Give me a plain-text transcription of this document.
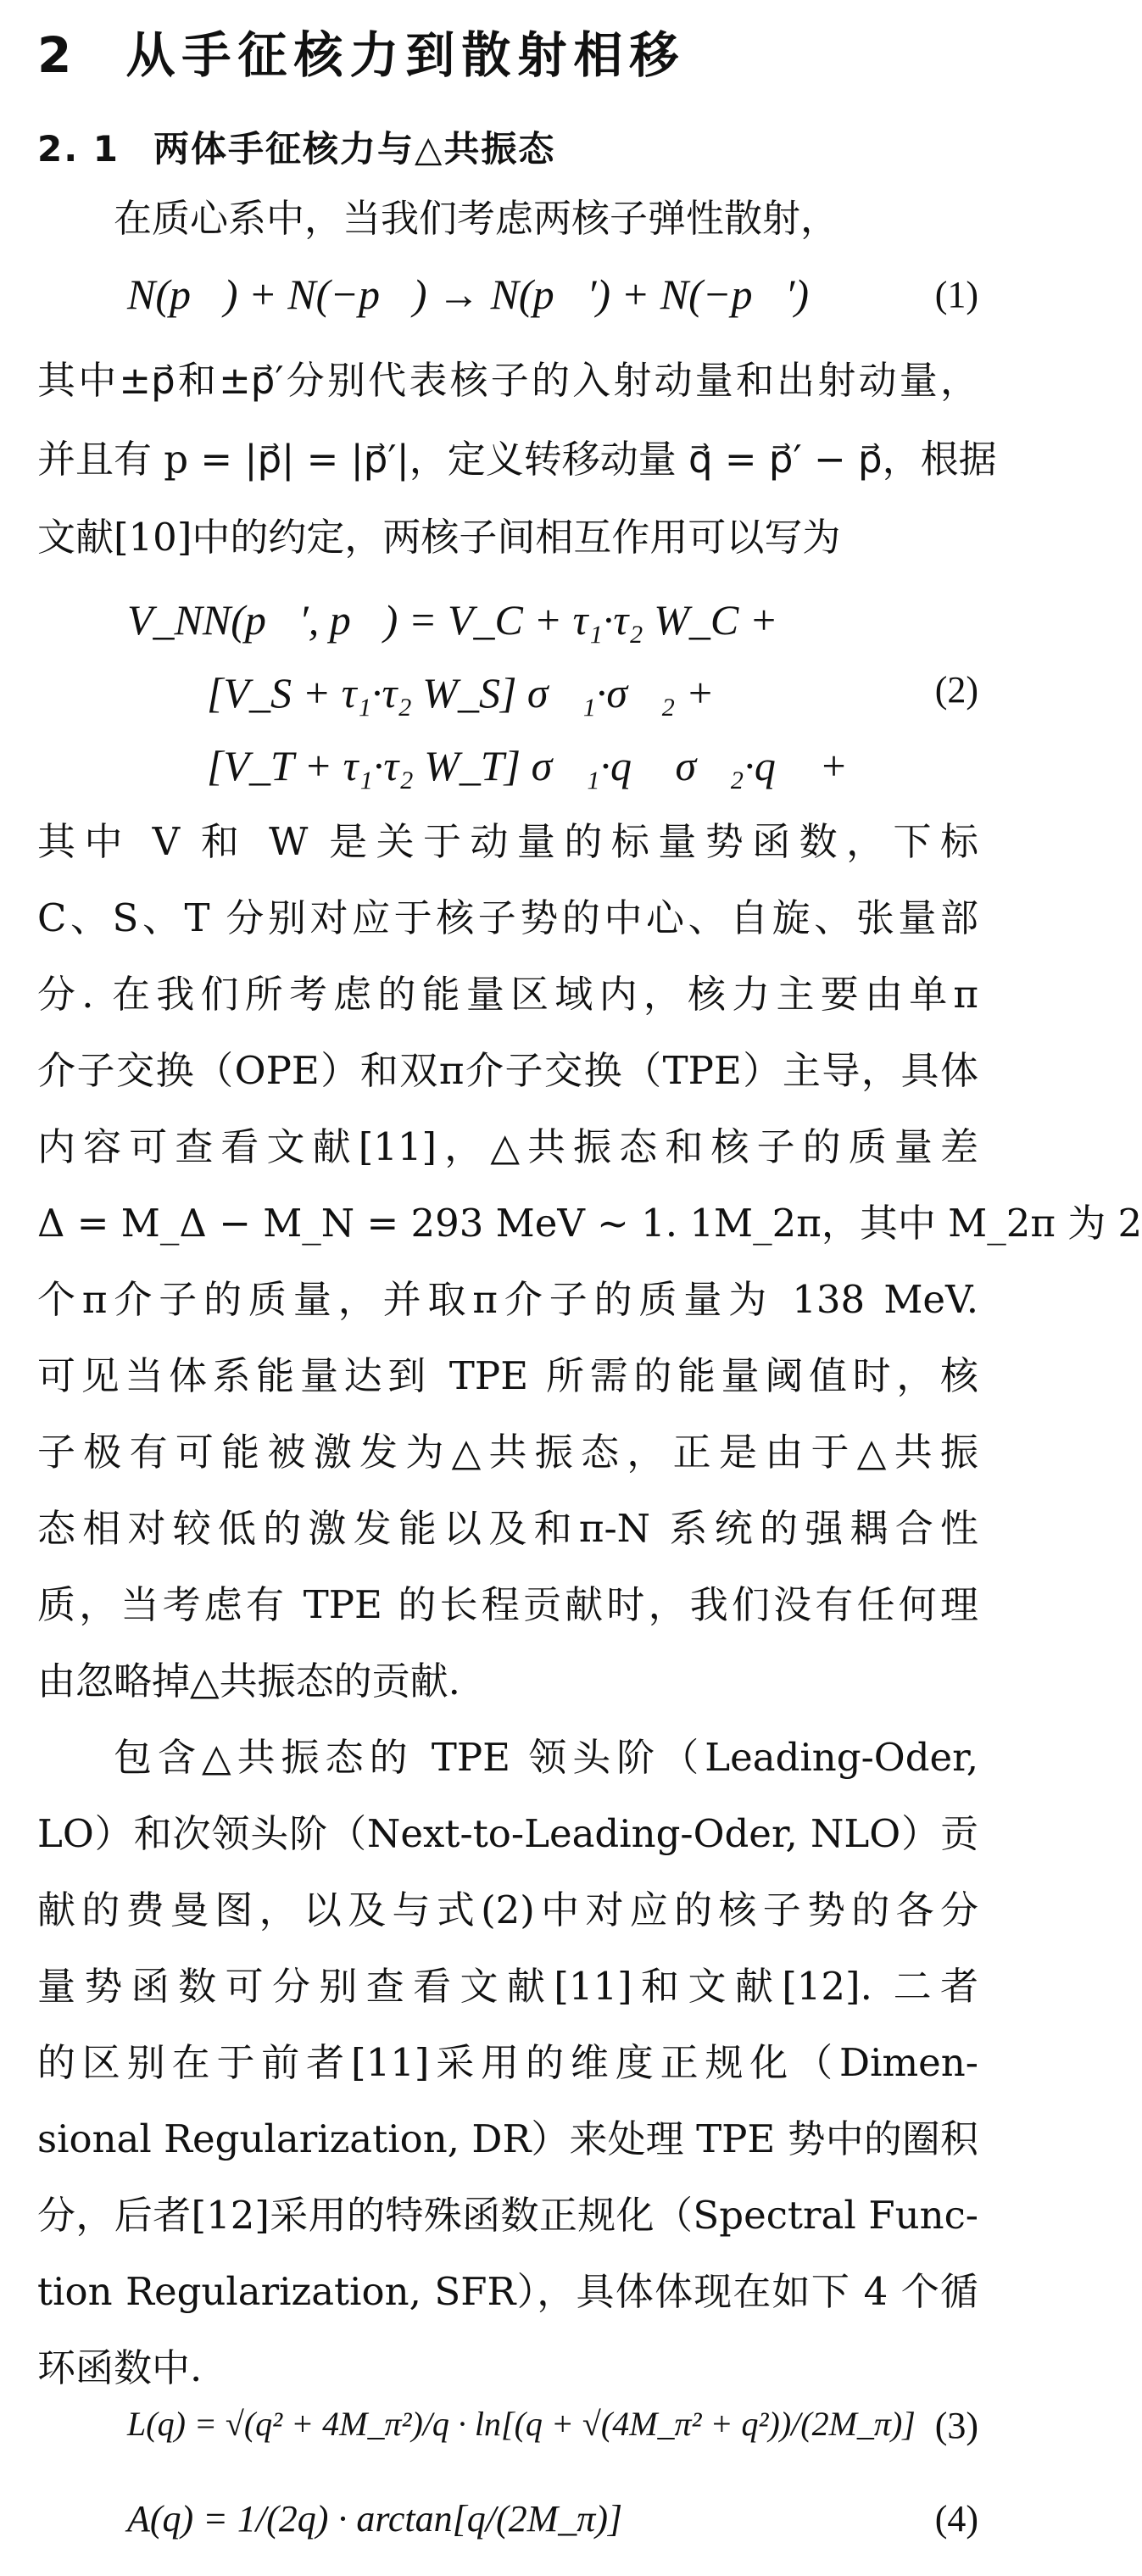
2 从手征核力到散射相移
2. 1 两体手征核力与△共振态
在质心系中，当我们考虑两核子弹性散射，
N(p⃗) + N(−p⃗) → N(p⃗′) + N(−p⃗′)	(1)
其中±p⃗和±p⃗′分别代表核子的入射动量和出射动量，
并且有 p = |p⃗| = |p⃗′|，定义转移动量 q⃗ = p⃗′ − p⃗，根据
文献[10]中的约定，两核子间相互作用可以写为
V_NN(p⃗′, p⃗) = V_C + τ₁·τ₂ W_C +
[V_S + τ₁·τ₂ W_S] σ⃗₁·σ⃗₂ +	(2)
[V_T + τ₁·τ₂ W_T] σ⃗₁·q⃗ σ⃗₂·q⃗ + ⋯
其中 V 和 W 是关于动量的标量势函数，下标
C、S、T 分别对应于核子势的中心、自旋、张量部
分. 在我们所考虑的能量区域内，核力主要由单π
介子交换（OPE）和双π介子交换（TPE）主导，具体
内容可查看文献[11]，△共振态和核子的质量差
Δ = M_Δ − M_N = 293 MeV ~ 1. 1M_2π，其中 M_2π 为 2
个π介子的质量，并取π介子的质量为 138 MeV.
可见当体系能量达到 TPE 所需的能量阈值时，核
子极有可能被激发为△共振态，正是由于△共振
态相对较低的激发能以及和π-N 系统的强耦合性
质，当考虑有 TPE 的长程贡献时，我们没有任何理
由忽略掉△共振态的贡献.
包含△共振态的 TPE 领头阶（Leading-Oder,
LO）和次领头阶（Next-to-Leading-Oder, NLO）贡
献的费曼图，以及与式(2)中对应的核子势的各分
量势函数可分别查看文献[11]和文献[12]. 二者
的区别在于前者[11]采用的维度正规化（Dimen-
sional Regularization, DR）来处理 TPE 势中的圈积
分，后者[12]采用的特殊函数正规化（Spectral Func-
tion Regularization, SFR），具体体现在如下 4 个循
环函数中.
L(q) = √(q² + 4M_π²)/q · ln[(q + √(4M_π² + q²))/(2M_π)] (3)
A(q) = 1/(2q) · arctan[q/(2M_π)]	(4)
